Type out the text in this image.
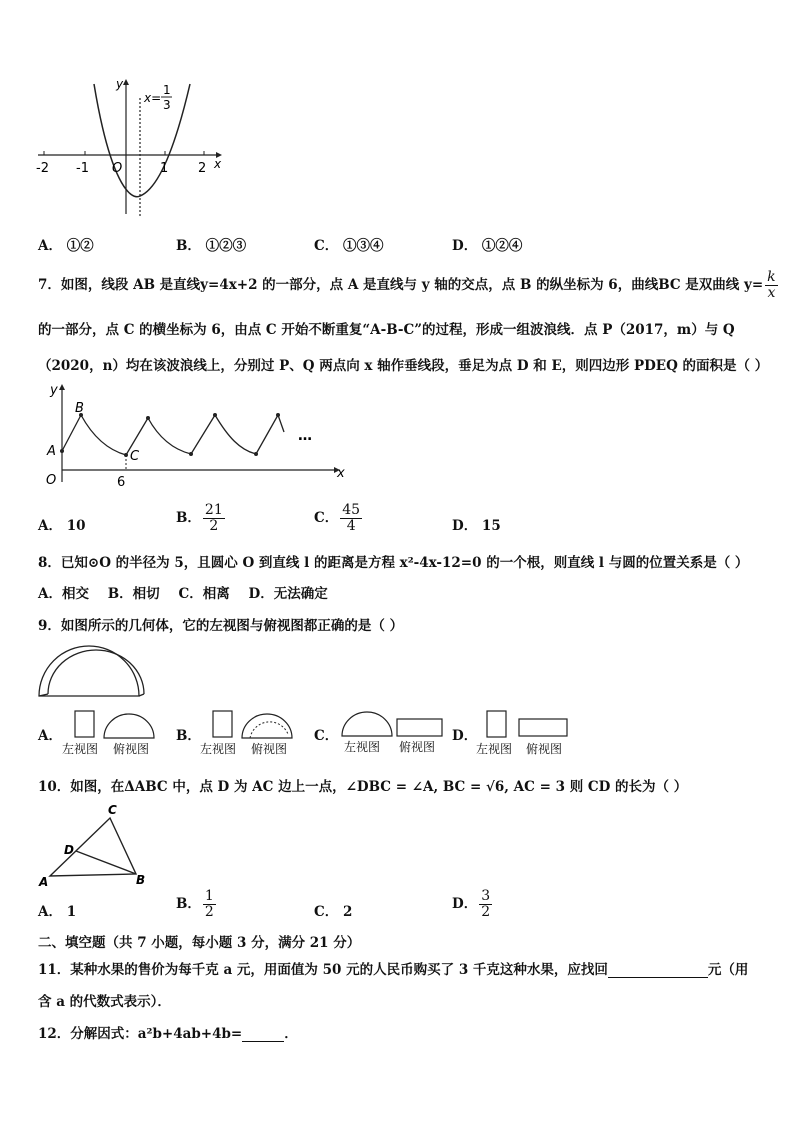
-2 -1 O	1 2 x
y
x=
1
3
A． ①②	B． ①②③	C． ①③④	D． ①②④
7．如图，线段 AB 是直线y=4x+2 的一部分，点 A 是直线与 y 轴的交点，点 B 的纵坐标为 6，曲线BC 是双曲线 $y= \frac{k}{x}$
的一部分，点 C 的横坐标为 6，由点 C 开始不断重复“A-B-C”的过程，形成一组波浪线．点 P（2017，m）与 Q
（2020，n）均在该波浪线上，分别过 P、Q 两点向 x 轴作垂线段，垂足为点 D 和 E，则四边形 PDEQ 的面积是（ ）
A
B
C
O	6
x
y
…
A． 10	B． $\frac{21}{2}$	C． $\frac{45}{4}$	D． 15
8．已知⊙O 的半径为 5，且圆心 O 到直线 l 的距离是方程 x²-4x-12=0 的一个根，则直线 l 与圆的位置关系是（ ）
A．相交    B．相切    C．相离    D．无法确定
9．如图所示的几何体，它的左视图与俯视图都正确的是（ ）
A．
左视图 俯视图
B．
左视图 俯视图
C．
左视图 俯视图
D．
左视图 俯视图
10．如图，在ΔABC 中，点 D 为 AC 边上一点，∠DBC = ∠A, BC = √6, AC = 3 则 CD 的长为（ ）
C
D
A	B
A． 1	B． $\frac{1}{2}$	C． 2	D． $\frac{3}{2}$
二、填空题（共 7 小题，每小题 3 分，满分 21 分）
11．某种水果的售价为每千克 a 元，用面值为 50 元的人民币购买了 3 千克这种水果，应找回	元（用
含 a 的代数式表示）．
12．分解因式：a²b+4ab+4b=	．
